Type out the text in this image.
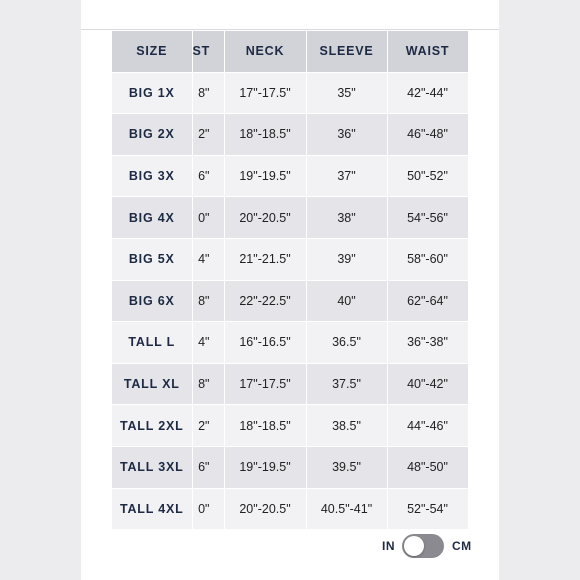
SIZE	ST	NECK	SLEEVE	WAIST
BIG 1X	8"	17"-17.5"	35"	42"-44"
BIG 2X	2"	18"-18.5"	36"	46"-48"
BIG 3X	6"	19"-19.5"	37"	50"-52"
BIG 4X	0"	20"-20.5"	38"	54"-56"
BIG 5X	4"	21"-21.5"	39"	58"-60"
BIG 6X	8"	22"-22.5"	40"	62"-64"
TALL L	4"	16"-16.5"	36.5"	36"-38"
TALL XL	8"	17"-17.5"	37.5"	40"-42"
TALL 2XL	2"	18"-18.5"	38.5"	44"-46"
TALL 3XL	6"	19"-19.5"	39.5"	48"-50"
TALL 4XL	0"	20"-20.5"	40.5"-41"	52"-54"
IN	CM
